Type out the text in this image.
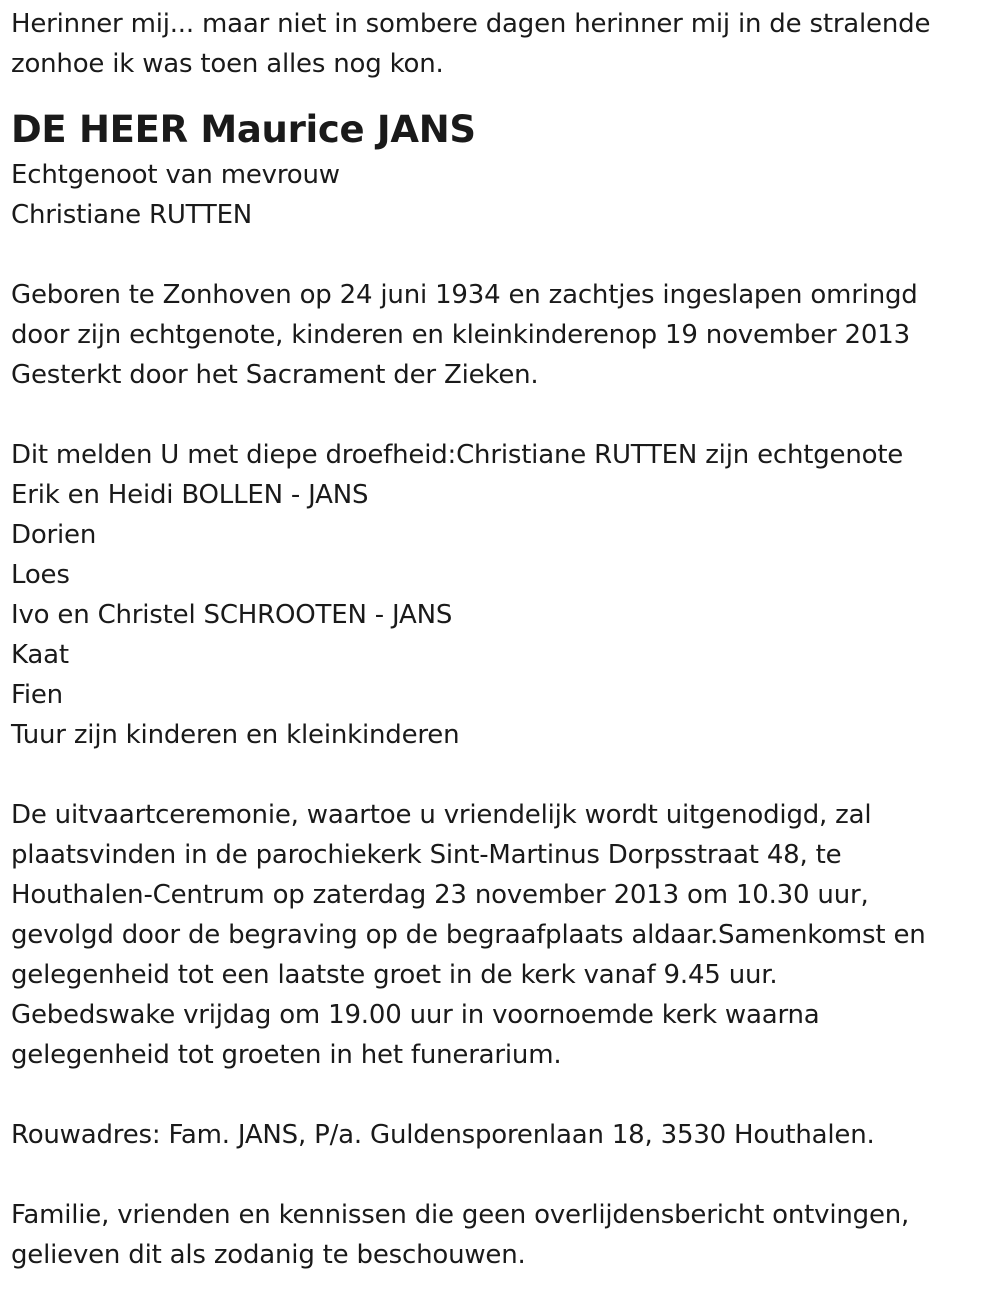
Herinner mij... maar niet in sombere dagen herinner mij in de stralende
zonhoe ik was toen alles nog kon.
DE HEER Maurice JANS
Echtgenoot van mevrouw
Christiane RUTTEN
Geboren te Zonhoven op 24 juni 1934 en zachtjes ingeslapen omringd
door zijn echtgenote, kinderen en kleinkinderenop 19 november 2013
Gesterkt door het Sacrament der Zieken.
Dit melden U met diepe droefheid:Christiane RUTTEN zijn echtgenote
Erik en Heidi BOLLEN - JANS
Dorien
Loes
Ivo en Christel SCHROOTEN - JANS
Kaat
Fien
Tuur zijn kinderen en kleinkinderen
De uitvaartceremonie, waartoe u vriendelijk wordt uitgenodigd, zal
plaatsvinden in de parochiekerk Sint-Martinus Dorpsstraat 48, te
Houthalen-Centrum op zaterdag 23 november 2013 om 10.30 uur,
gevolgd door de begraving op de begraafplaats aldaar.Samenkomst en
gelegenheid tot een laatste groet in de kerk vanaf 9.45 uur.
Gebedswake vrijdag om 19.00 uur in voornoemde kerk waarna
gelegenheid tot groeten in het funerarium.
Rouwadres: Fam. JANS, P/a. Guldensporenlaan 18, 3530 Houthalen.
Familie, vrienden en kennissen die geen overlijdensbericht ontvingen,
gelieven dit als zodanig te beschouwen.
